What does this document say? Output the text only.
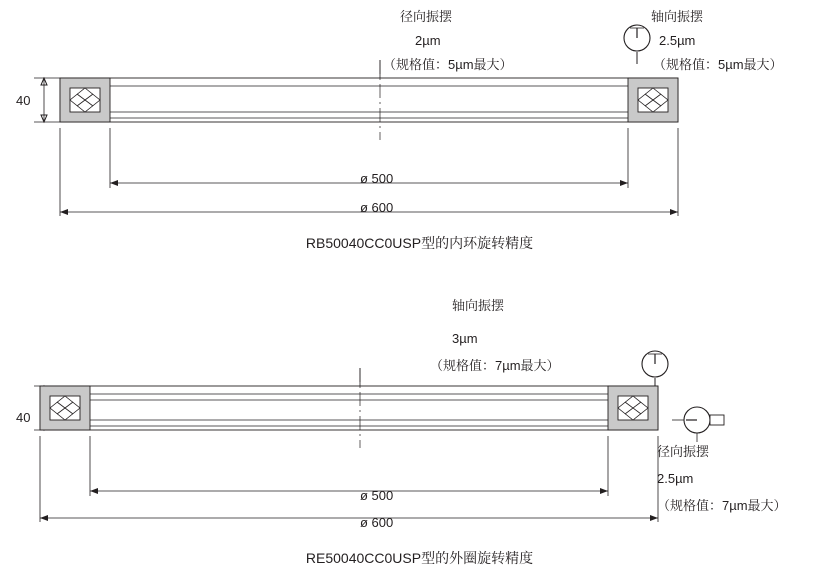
径向振摆
2µm
（规格值：5µm最大）
轴向振摆
2.5µm
（规格值：5µm最大）
40
ø 500
ø 600
RB50040CC0USP型的内环旋转精度
轴向振摆
3µm
（规格值：7µm最大）
径向振摆
2.5µm
（规格值：7µm最大）
40
ø 500
ø 600
RE50040CC0USP型的外圈旋转精度
